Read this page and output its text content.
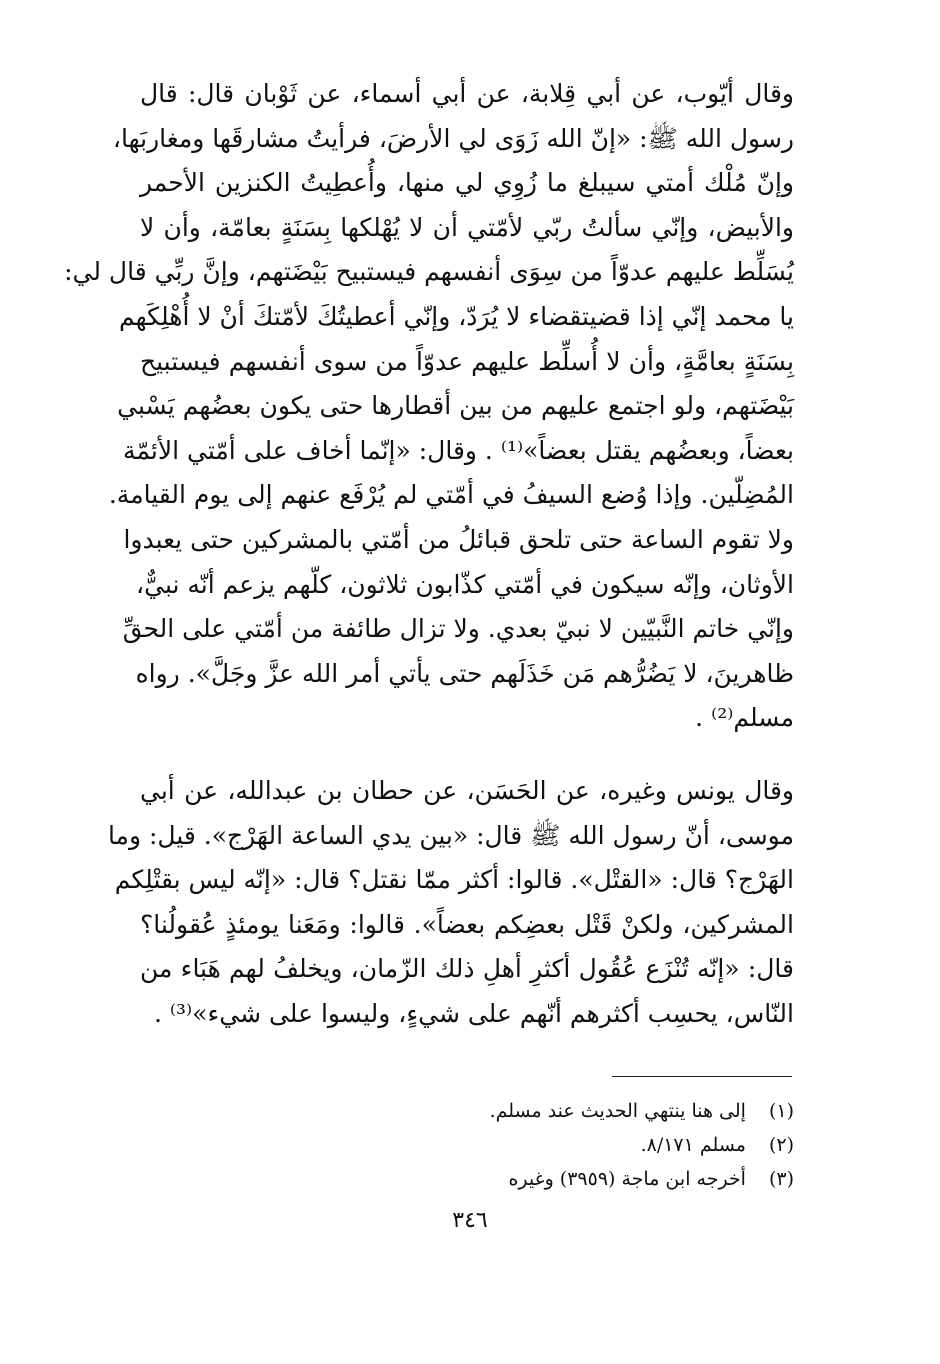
وقال أيّوب، عن أبي قِلابة، عن أبي أسماء، عن ثَوْبان قال: قال
رسول الله ﷺ: «إنّ الله زَوَى لي الأرضَ، فرأيتُ مشارقَها ومغاربَها،
وإنّ مُلْك أمتي سيبلغ ما زُوِي لي منها، وأُعطِيتُ الكنزين الأحمر
والأبيض، وإنّي سألتُ ربّي لأمّتي أن لا يُهْلكها بِسَنَةٍ بعامّة، وأن لا
يُسَلِّط عليهم عدوّاً من سِوَى أنفسهم فيستبيح بَيْضَتهم، وإنَّ ربِّي قال لي:
يا محمد إنّي إذا قضيتقضاء لا يُرَدّ، وإنّي أعطيتُكَ لأمّتكَ أنْ لا أُهْلِكَهم
بِسَنَةٍ بعامَّةٍ، وأن لا أُسلِّط عليهم عدوّاً من سوى أنفسهم فيستبيح
بَيْضَتهم، ولو اجتمع عليهم من بين أقطارها حتى يكون بعضُهم يَسْبي
بعضاً، وبعضُهم يقتل بعضاً»⁽¹⁾ . وقال: «إنّما أخاف على أمّتي الأئمّة
المُضِلّين. وإذا وُضع السيفُ في أمّتي لم يُرْفَع عنهم إلى يوم القيامة.
ولا تقوم الساعة حتى تلحق قبائلُ من أمّتي بالمشركين حتى يعبدوا
الأوثان، وإنّه سيكون في أمّتي كذّابون ثلاثون، كلّهم يزعم أنّه نبيٌّ،
وإنّي خاتم النَّبيّين لا نبيّ بعدي. ولا تزال طائفة من أمّتي على الحقِّ
ظاهرينَ، لا يَضُرُّهم مَن خَذَلَهم حتى يأتي أمر الله عزَّ وجَلَّ». رواه
مسلم⁽²⁾ .

وقال يونس وغيره، عن الحَسَن، عن حطان بن عبدالله، عن أبي
موسى، أنّ رسول الله ﷺ قال: «بين يدي الساعة الهَرْج». قيل: وما
الهَرْج؟ قال: «القتْل». قالوا: أكثر ممّا نقتل؟ قال: «إنّه ليس بقتْلِكم
المشركين، ولكنْ قَتْل بعضِكم بعضاً». قالوا: ومَعَنا يومئذٍ عُقولُنا؟
قال: «إنّه تُنْزَع عُقُول أكثرِ أهلِ ذلك الزّمان، ويخلفُ لهم هَبَاء من
النّاس، يحسِب أكثرهم أنّهم على شيءٍ، وليسوا على شيء»⁽³⁾ .

(١) إلى هنا ينتهي الحديث عند مسلم.
(٢) مسلم ٨/١٧١.
(٣) أخرجه ابن ماجة (٣٩٥٩) وغيره
٣٤٦
